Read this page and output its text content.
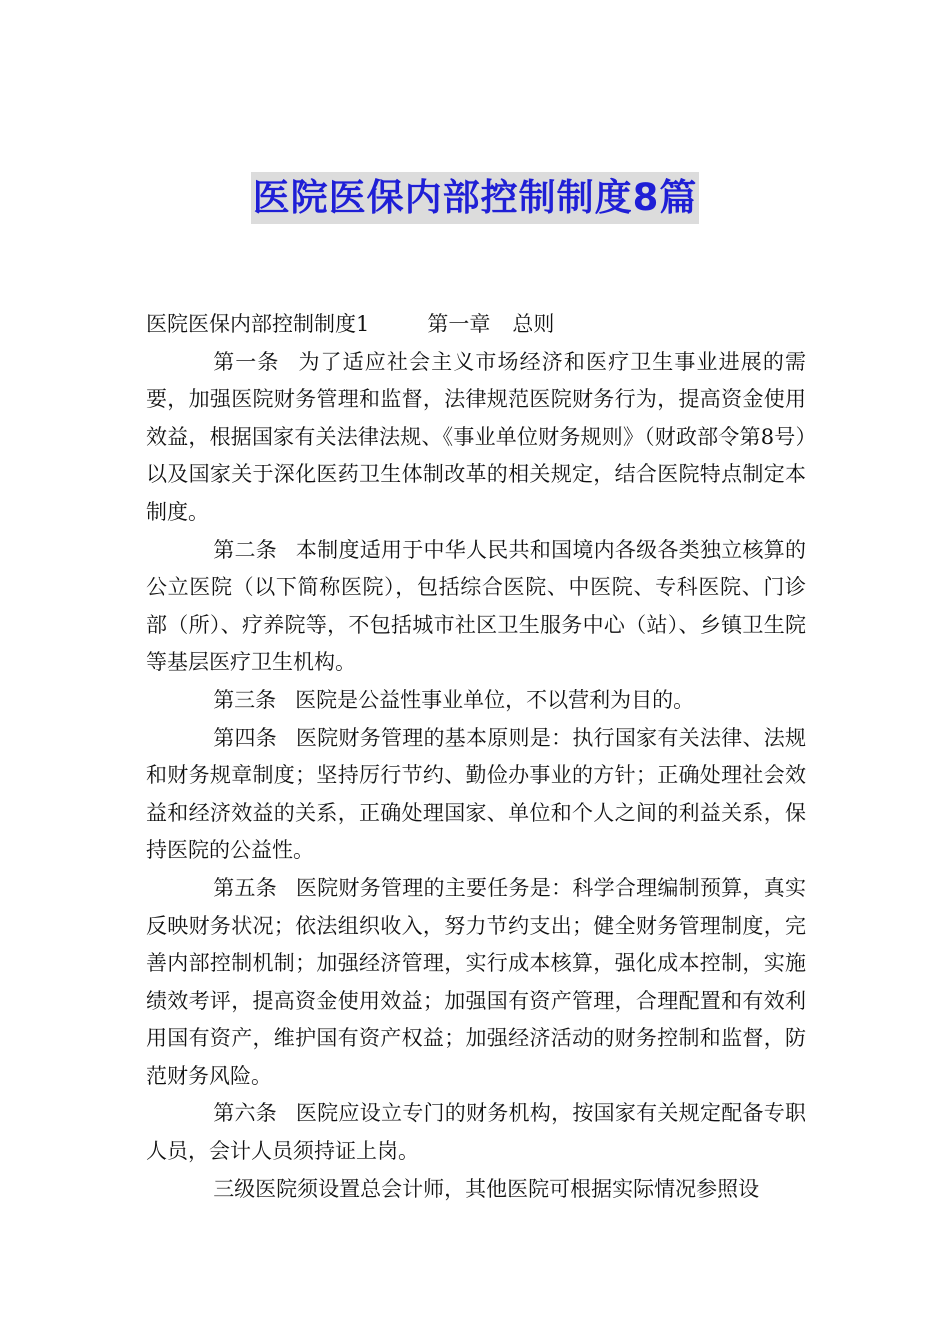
医院医保内部控制制度8篇
医院医保内部控制制度1	第一章 总则

第一条 为了适应社会主义市场经济和医疗卫生事业进展的需要，加强医院财务管理和监督，法律规范医院财务行为，提高资金使用效益，根据国家有关法律法规、《事业单位财务规则》（财政部令第8号）以及国家关于深化医药卫生体制改革的相关规定，结合医院特点制定本制度。

第二条 本制度适用于中华人民共和国境内各级各类独立核算的公立医院（以下简称医院），包括综合医院、中医院、专科医院、门诊部（所）、疗养院等，不包括城市社区卫生服务中心（站）、乡镇卫生院等基层医疗卫生机构。

第三条 医院是公益性事业单位，不以营利为目的。

第四条 医院财务管理的基本原则是：执行国家有关法律、法规和财务规章制度；坚持厉行节约、勤俭办事业的方针；正确处理社会效益和经济效益的关系，正确处理国家、单位和个人之间的利益关系，保持医院的公益性。

第五条 医院财务管理的主要任务是：科学合理编制预算，真实反映财务状况；依法组织收入，努力节约支出；健全财务管理制度，完善内部控制机制；加强经济管理，实行成本核算，强化成本控制，实施绩效考评，提高资金使用效益；加强国有资产管理，合理配置和有效利用国有资产，维护国有资产权益；加强经济活动的财务控制和监督，防范财务风险。

第六条 医院应设立专门的财务机构，按国家有关规定配备专职人员，会计人员须持证上岗。

三级医院须设置总会计师，其他医院可根据实际情况参照设
